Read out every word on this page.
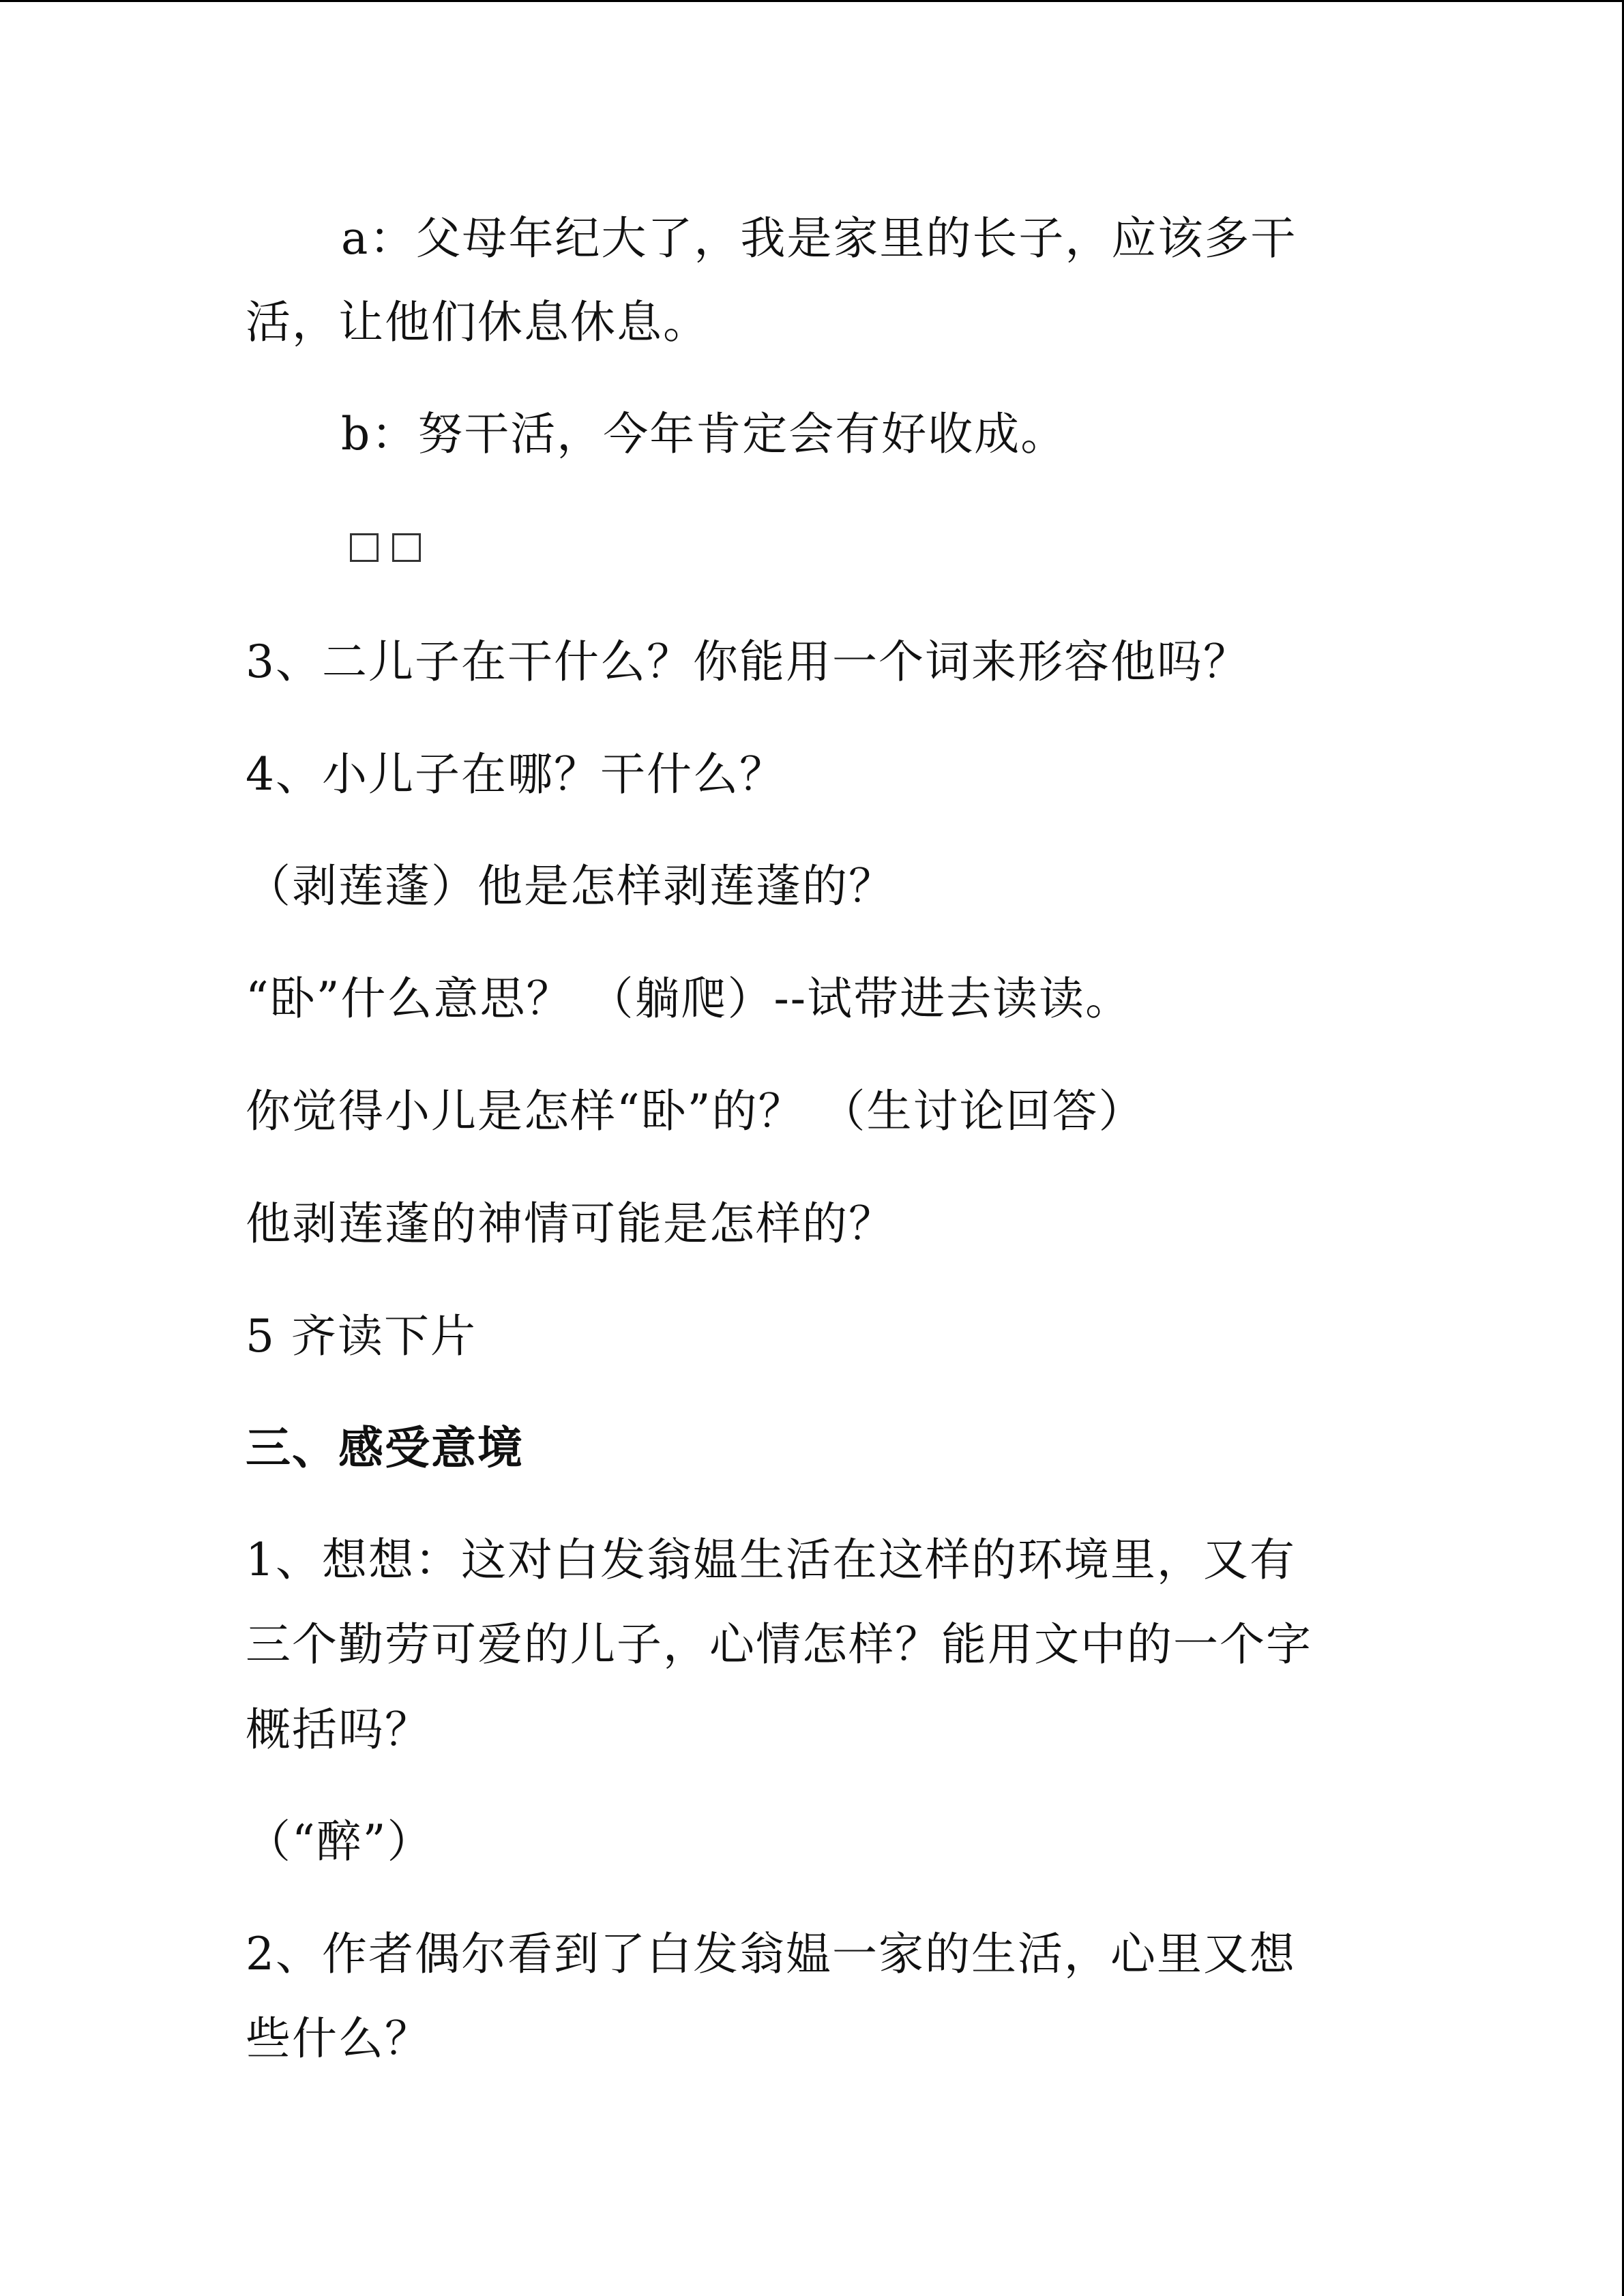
a：父母年纪大了，我是家里的长子，应该多干
活，让他们休息休息。
b：努干活，今年肯定会有好收成。
3、二儿子在干什么？你能用一个词来形容他吗？
4、小儿子在哪？干什么？
（剥莲蓬）他是怎样剥莲蓬的？
“卧”什么意思？ （躺爬）--试带进去读读。
你觉得小儿是怎样“卧”的？ （生讨论回答）
他剥莲蓬的神情可能是怎样的？
5 齐读下片
三、感受意境
1、想想：这对白发翁媪生活在这样的环境里，又有
三个勤劳可爱的儿子，心情怎样？能用文中的一个字
概括吗？
（“醉”）
2、作者偶尔看到了白发翁媪一家的生活，心里又想
些什么？
